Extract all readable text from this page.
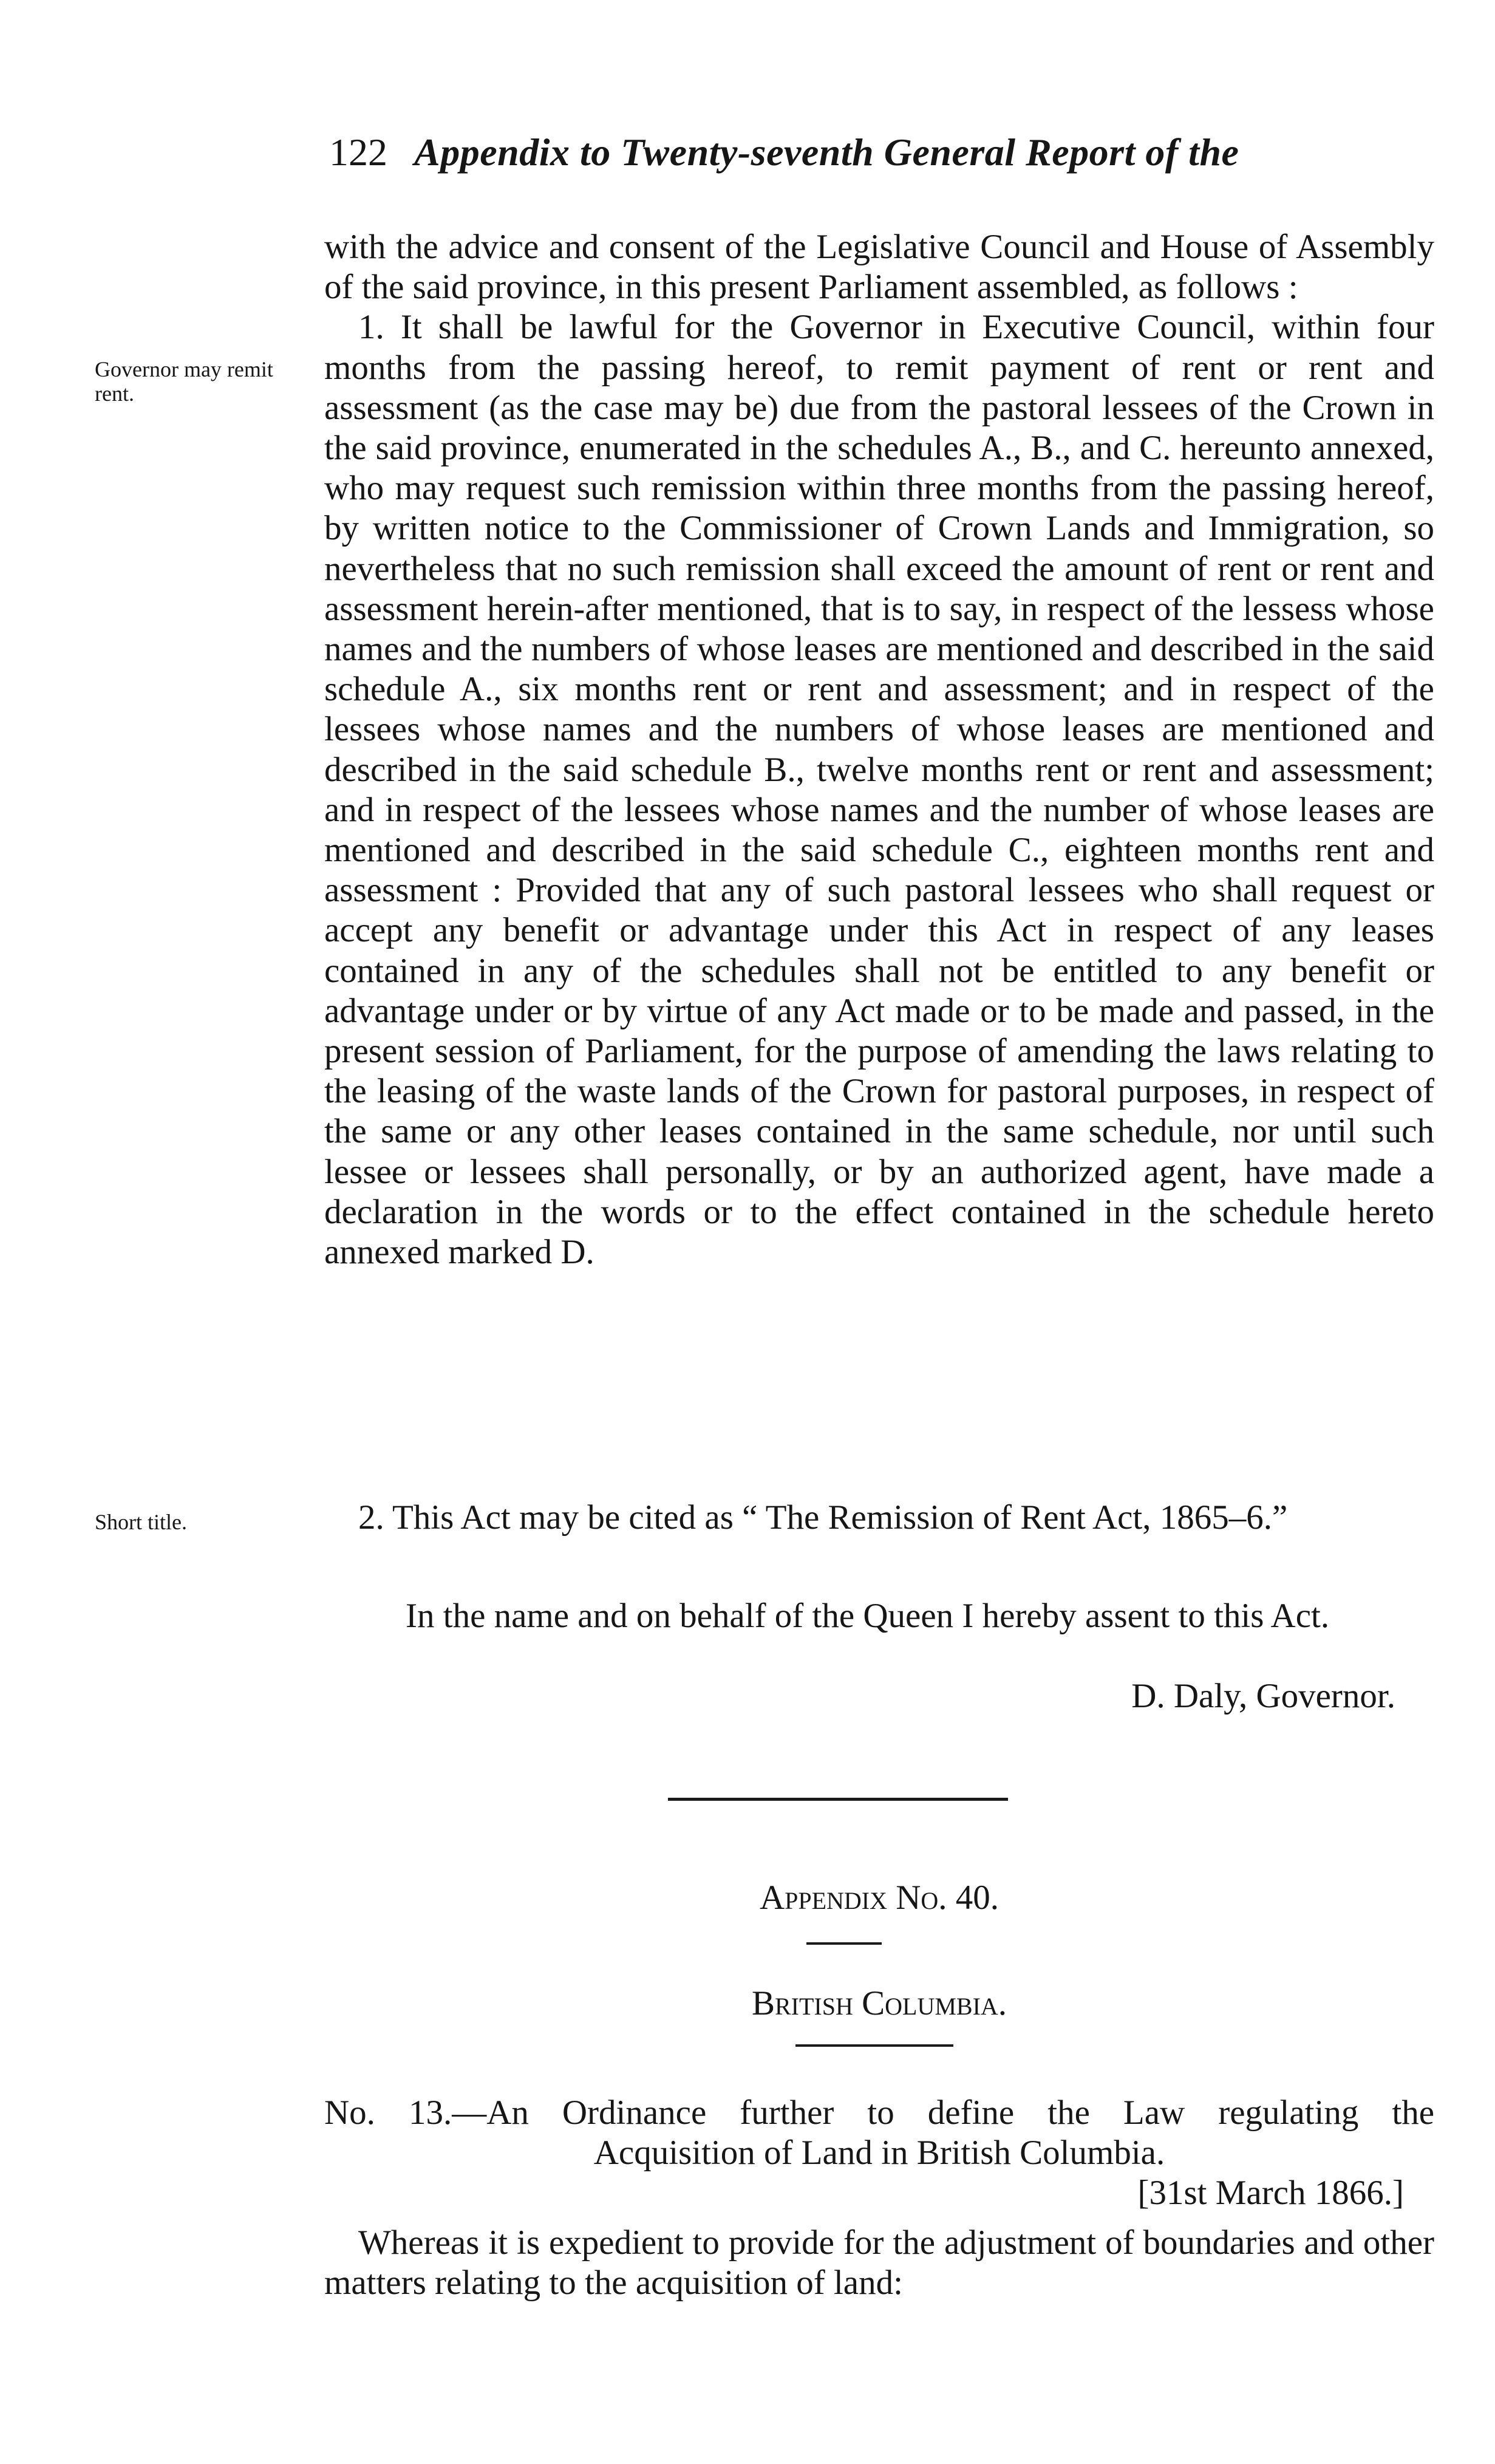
122 Appendix to Twenty-seventh General Report of the
Governor may remit rent.

with the advice and consent of the Legislative Council and House of Assembly of the said province, in this present Parliament assembled, as follows :

1. It shall be lawful for the Governor in Executive Council, within four months from the passing hereof, to remit payment of rent or rent and assessment (as the case may be) due from the pastoral lessees of the Crown in the said province, enumerated in the schedules A., B., and C. hereunto annexed, who may request such remission within three months from the passing hereof, by written notice to the Commissioner of Crown Lands and Immigration, so nevertheless that no such remission shall exceed the amount of rent or rent and assessment herein-after mentioned, that is to say, in respect of the lessess whose names and the numbers of whose leases are mentioned and described in the said schedule A., six months rent or rent and assessment; and in respect of the lessees whose names and the numbers of whose leases are mentioned and described in the said schedule B., twelve months rent or rent and assessment; and in respect of the lessees whose names and the number of whose leases are mentioned and described in the said schedule C., eighteen months rent and assessment : Provided that any of such pastoral lessees who shall request or accept any benefit or advantage under this Act in respect of any leases contained in any of the schedules shall not be entitled to any benefit or advantage under or by virtue of any Act made or to be made and passed, in the present session of Parliament, for the purpose of amending the laws relating to the leasing of the waste lands of the Crown for pastoral purposes, in respect of the same or any other leases contained in the same schedule, nor until such lessee or lessees shall personally, or by an authorized agent, have made a declaration in the words or to the effect contained in the schedule hereto annexed marked D.

Short title.	2. This Act may be cited as “ The Remission of Rent Act, 1865–6.”

In the name and on behalf of the Queen I hereby assent to this Act.
D. Daly, Governor.
Appendix No. 40.
British Columbia.
No. 13.—An Ordinance further to define the Law regulating the
Acquisition of Land in British Columbia.
[31st March 1866.]
Whereas it is expedient to provide for the adjustment of boundaries and other matters relating to the acquisition of land:
